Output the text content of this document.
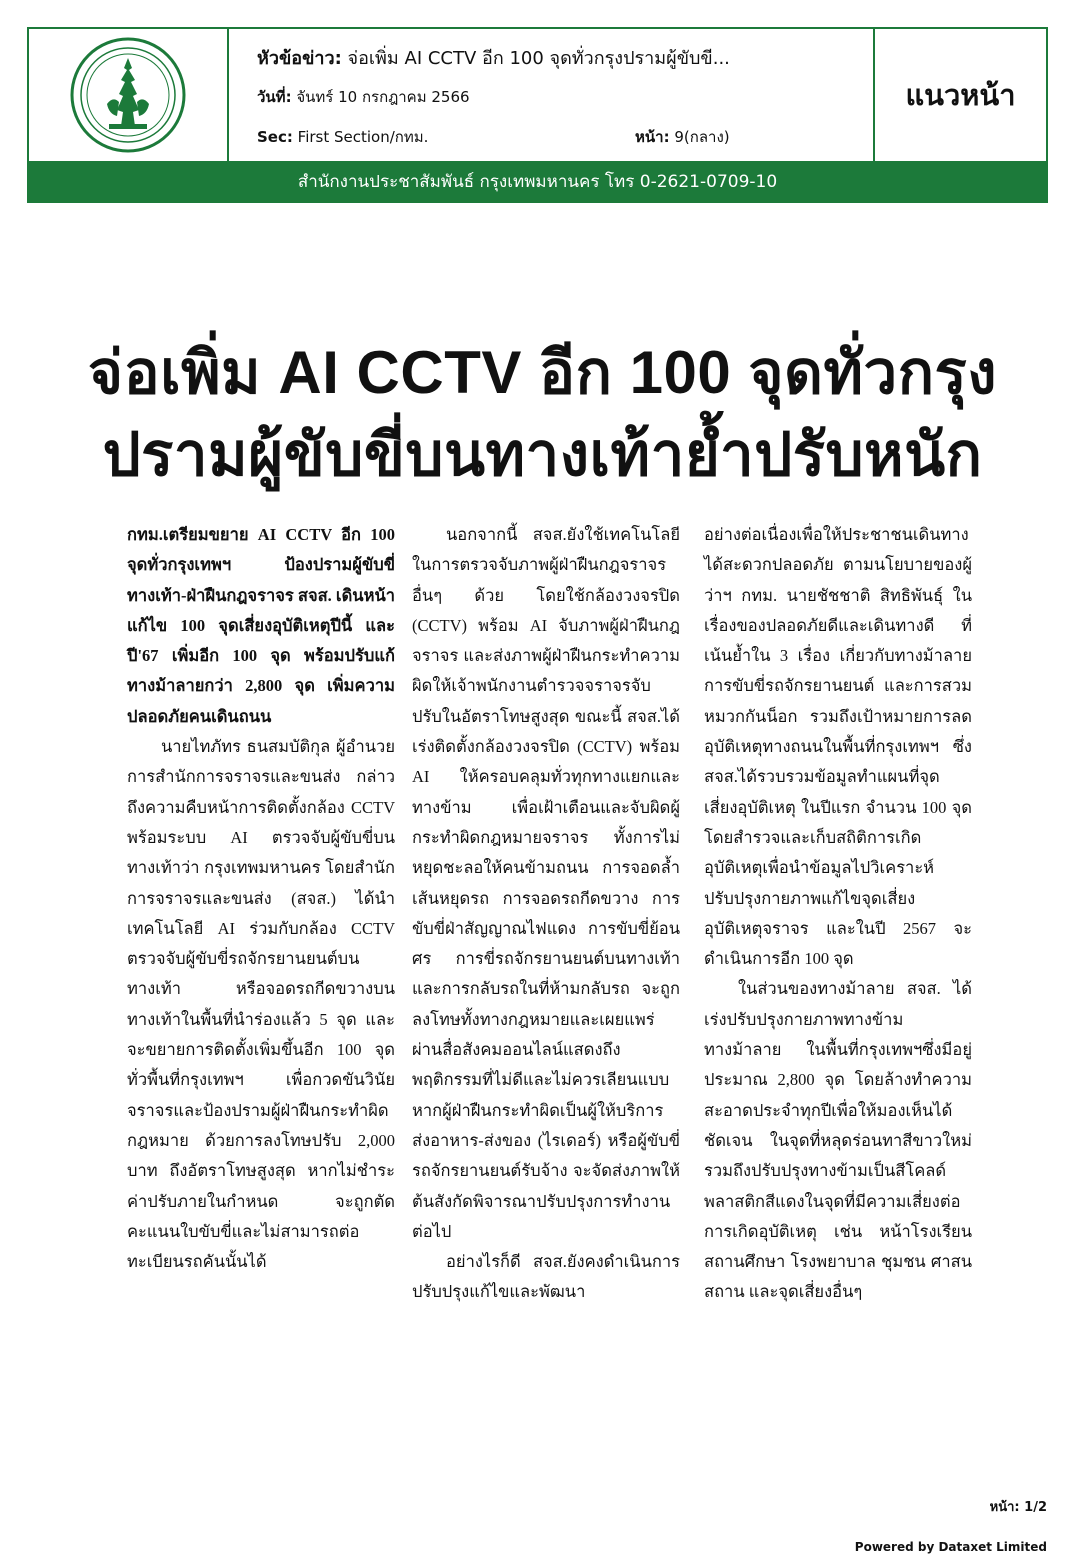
หัวข้อข่าว: จ่อเพิ่ม AI CCTV อีก 100 จุดทั่วกรุงปรามผู้ขับขี...
วันที่: จันทร์ 10 กรกฎาคม 2566
Sec: First Section/กทม.	หน้า: 9(กลาง)
แนวหน้า
สำนักงานประชาสัมพันธ์ กรุงเทพมหานคร โทร 0-2621-0709-10
จ่อเพิ่ม AI CCTV อีก 100 จุดทั่วกรุง
ปรามผู้ขับขี่บนทางเท้าย้ำปรับหนัก

กทม.เตรียมขยาย AI CCTV อีก 100 จุดทั่วกรุงเทพฯ ป้องปรามผู้ขับขี่ทางเท้า-ฝ่าฝืนกฎจราจร สจส. เดินหน้าแก้ไข 100 จุดเสี่ยงอุบัติเหตุปีนี้ และปี'67 เพิ่มอีก 100 จุด พร้อมปรับแก้ทางม้าลายกว่า 2,800 จุด เพิ่มความปลอดภัยคนเดินถนน

นายไทภัทร ธนสมบัติกุล ผู้อำนวยการสำนักการจราจรและขนส่ง กล่าวถึงความคืบหน้าการติดตั้งกล้อง CCTV พร้อมระบบ AI ตรวจจับผู้ขับขี่บนทางเท้าว่า กรุงเทพมหานคร โดยสำนักการจราจรและขนส่ง (สจส.) ได้นำเทคโนโลยี AI ร่วมกับกล้อง CCTV ตรวจจับผู้ขับขี่รถจักรยานยนต์บนทางเท้า หรือจอดรถกีดขวางบนทางเท้าในพื้นที่นำร่องแล้ว 5 จุด และจะขยายการติดตั้งเพิ่มขึ้นอีก 100 จุดทั่วพื้นที่กรุงเทพฯ เพื่อกวดขันวินัยจราจรและป้องปรามผู้ฝ่าฝืนกระทำผิดกฎหมาย ด้วยการลงโทษปรับ 2,000 บาท ถึงอัตราโทษสูงสุด หากไม่ชำระค่าปรับภายในกำหนด จะถูกตัดคะแนนใบขับขี่และไม่สามารถต่อทะเบียนรถคันนั้นได้

นอกจากนี้ สจส.ยังใช้เทคโนโลยีในการตรวจจับภาพผู้ฝ่าฝืนกฎจราจรอื่นๆ ด้วย โดยใช้กล้องวงจรปิด (CCTV) พร้อม AI จับภาพผู้ฝ่าฝืนกฎจราจร และส่งภาพผู้ฝ่าฝืนกระทำความผิดให้เจ้าพนักงานตำรวจจราจรจับปรับในอัตราโทษสูงสุด ขณะนี้ สจส.ได้เร่งติดตั้งกล้องวงจรปิด (CCTV) พร้อม AI ให้ครอบคลุมทั่วทุกทางแยกและทางข้าม เพื่อเฝ้าเตือนและจับผิดผู้กระทำผิดกฎหมายจราจร ทั้งการไม่หยุดชะลอให้คนข้ามถนน การจอดล้ำเส้นหยุดรถ การจอดรถกีดขวาง การขับขี่ฝ่าสัญญาณไฟแดง การขับขี่ย้อนศร การขี่รถจักรยานยนต์บนทางเท้า และการกลับรถในที่ห้ามกลับรถ จะถูกลงโทษทั้งทางกฎหมายและเผยแพร่ผ่านสื่อสังคมออนไลน์แสดงถึงพฤติกรรมที่ไม่ดีและไม่ควรเลียนแบบ หากผู้ฝ่าฝืนกระทำผิดเป็นผู้ให้บริการส่งอาหาร-ส่งของ (ไรเดอร์) หรือผู้ขับขี่รถจักรยานยนต์รับจ้าง จะจัดส่งภาพให้ต้นสังกัดพิจารณาปรับปรุงการทำงานต่อไป

อย่างไรก็ดี สจส.ยังคงดำเนินการปรับปรุงแก้ไขและพัฒนา

อย่างต่อเนื่องเพื่อให้ประชาชนเดินทางได้สะดวกปลอดภัย ตามนโยบายของผู้ว่าฯ กทม. นายชัชชาติ สิทธิพันธุ์ ในเรื่องของปลอดภัยดีและเดินทางดี ที่เน้นย้ำใน 3 เรื่อง เกี่ยวกับทางม้าลาย การขับขี่รถจักรยานยนต์ และการสวมหมวกกันน็อก รวมถึงเป้าหมายการลดอุบัติเหตุทางถนนในพื้นที่กรุงเทพฯ ซึ่ง สจส.ได้รวบรวมข้อมูลทำแผนที่จุดเสี่ยงอุบัติเหตุ ในปีแรก จำนวน 100 จุด โดยสำรวจและเก็บสถิติการเกิดอุบัติเหตุเพื่อนำข้อมูลไปวิเคราะห์ปรับปรุงกายภาพแก้ไขจุดเสี่ยงอุบัติเหตุจราจร และในปี 2567 จะดำเนินการอีก 100 จุด

ในส่วนของทางม้าลาย สจส. ได้เร่งปรับปรุงกายภาพทางข้ามทางม้าลาย ในพื้นที่กรุงเทพฯซึ่งมีอยู่ประมาณ 2,800 จุด โดยล้างทำความสะอาดประจำทุกปีเพื่อให้มองเห็นได้ชัดเจน ในจุดที่หลุดร่อนทาสีขาวใหม่ รวมถึงปรับปรุงทางข้ามเป็นสีโคลด์พลาสติกสีแดงในจุดที่มีความเสี่ยงต่อการเกิดอุบัติเหตุ เช่น หน้าโรงเรียน สถานศึกษา โรงพยาบาล ชุมชน ศาสนสถาน และจุดเสี่ยงอื่นๆ

หน้า: 1/2
Powered by Dataxet Limited
